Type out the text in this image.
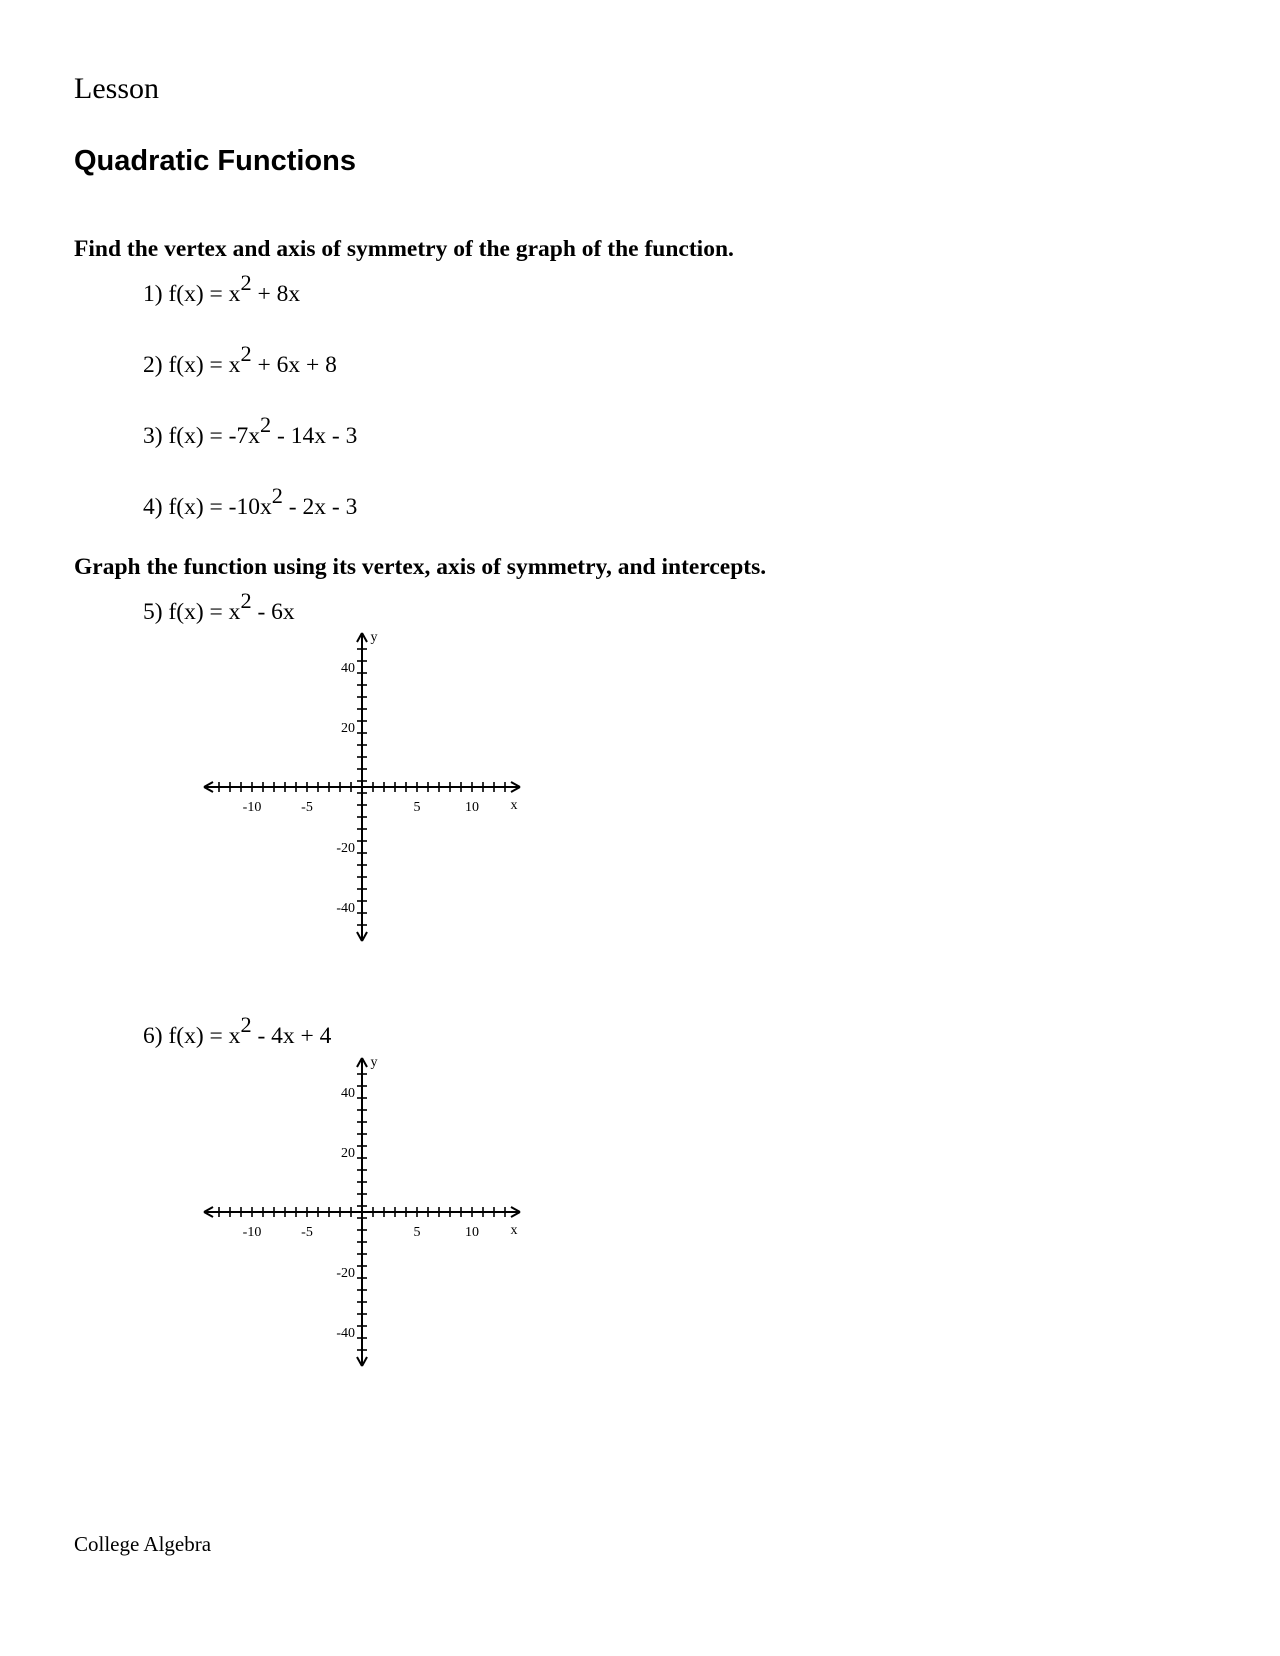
Lesson
Quadratic Functions
Find the vertex and axis of symmetry of the graph of the function.
1) $f(x) = x^2 + 8x$
2) $f(x) = x^2 + 6x + 8$
3) $f(x) = -7x^2 - 14x - 3$
4) $f(x) = -10x^2 - 2x - 3$
Graph the function using its vertex, axis of symmetry, and intercepts.
5) $f(x) = x^2 - 6x$
-10	-5	5	10
40
20
-20
-40
x
y
6) $f(x) = x^2 - 4x + 4$
-10	-5	5	10
40
20
-20
-40
x
y
College Algebra
